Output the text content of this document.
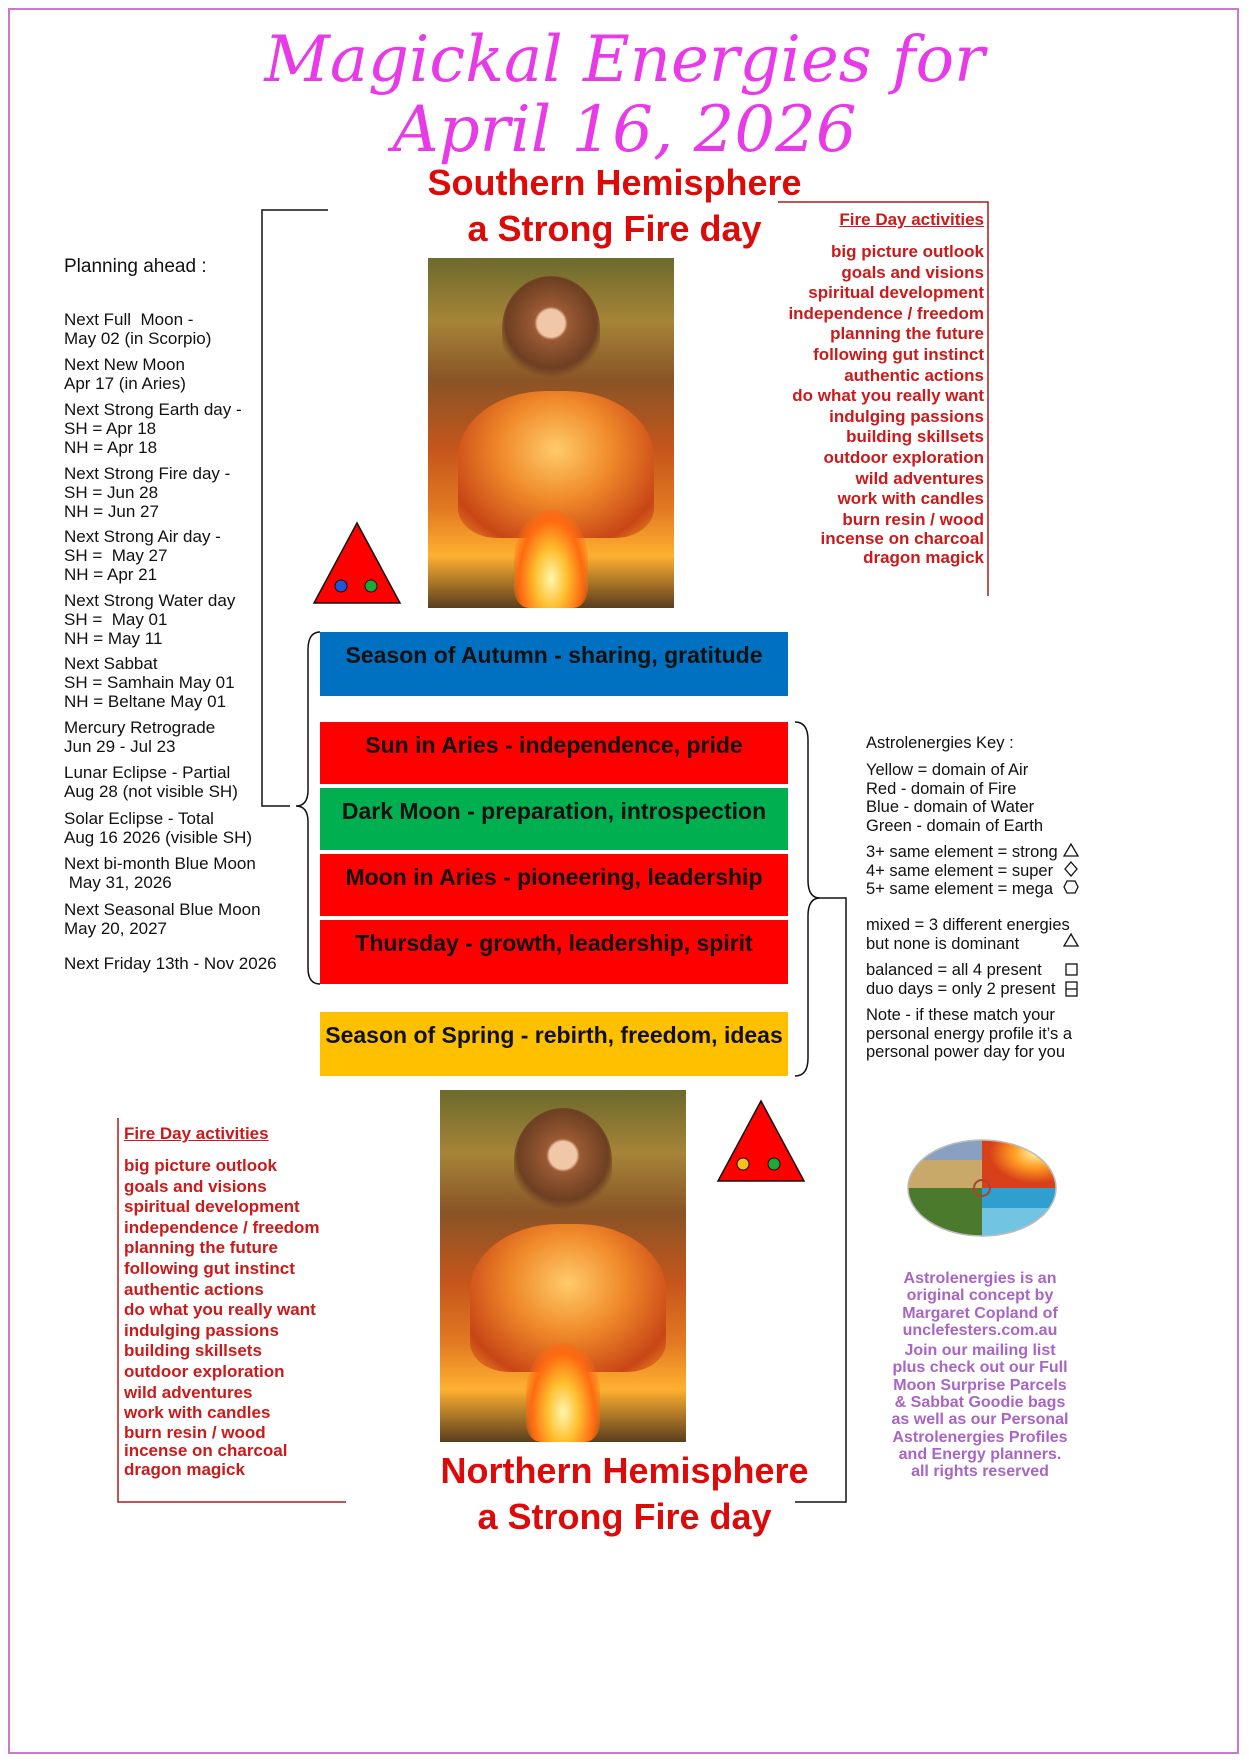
Magickal Energies for
April 16, 2026
Southern Hemisphere
a Strong Fire day
Planning ahead :
Next Full  Moon -
May 02 (in Scorpio)
Next New Moon
Apr 17 (in Aries)
Next Strong Earth day -
SH = Apr 18
NH = Apr 18
Next Strong Fire day -
SH = Jun 28
NH = Jun 27
Next Strong Air day -
SH =  May 27
NH = Apr 21
Next Strong Water day
SH =  May 01
NH = May 11
Next Sabbat
SH = Samhain May 01
NH = Beltane May 01
Mercury Retrograde
Jun 29 - Jul 23
Lunar Eclipse - Partial
Aug 28 (not visible SH)
Solar Eclipse - Total
Aug 16 2026 (visible SH)
Next bi-month Blue Moon
May 31, 2026
Next Seasonal Blue Moon
May 20, 2027
Next Friday 13th - Nov 2026
Fire Day activities
big picture outlook
goals and visions
spiritual development
independence / freedom
planning the future
following gut instinct
authentic actions
do what you really want
indulging passions
building skillsets
outdoor exploration
wild adventures
work with candles
burn resin / wood
incense on charcoal
dragon magick
Season of Autumn - sharing, gratitude
Sun in Aries - independence, pride
Dark Moon - preparation, introspection
Moon in Aries - pioneering, leadership
Thursday - growth, leadership, spirit
Season of Spring - rebirth, freedom, ideas
Astrolenergies Key :
Yellow = domain of Air
Red - domain of Fire
Blue - domain of Water
Green - domain of Earth
3+ same element = strong
4+ same element = super
5+ same element = mega
mixed = 3 different energies
but none is dominant
balanced = all 4 present
duo days = only 2 present
Note - if these match your
personal energy profile it’s a
personal power day for you
Fire Day activities
big picture outlook
goals and visions
spiritual development
independence / freedom
planning the future
following gut instinct
authentic actions
do what you really want
indulging passions
building skillsets
outdoor exploration
wild adventures
work with candles
burn resin / wood
incense on charcoal
dragon magick
Astrolenergies is an
original concept by
Margaret Copland of
unclefesters.com.au
Join our mailing list
plus check out our Full
Moon Surprise Parcels
& Sabbat Goodie bags
as well as our Personal
Astrolenergies Profiles
and Energy planners.
all rights reserved
Northern Hemisphere
a Strong Fire day
